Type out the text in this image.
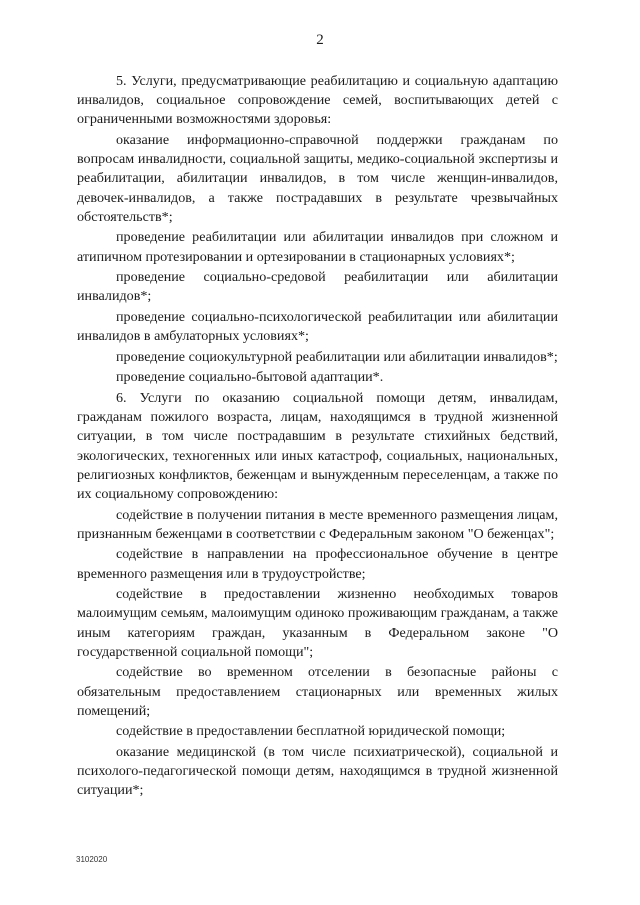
2

5. Услуги, предусматривающие реабилитацию и социальную адаптацию инвалидов, социальное сопровождение семей, воспитывающих детей с ограниченными возможностями здоровья:

оказание информационно-справочной поддержки гражданам по вопросам инвалидности, социальной защиты, медико-социальной экспертизы и реабилитации, абилитации инвалидов, в том числе женщин-инвалидов, девочек-инвалидов, а также пострадавших в результате чрезвычайных обстоятельств*;

проведение реабилитации или абилитации инвалидов при сложном и атипичном протезировании и ортезировании в стационарных условиях*;

проведение социально-средовой реабилитации или абилитации инвалидов*;

проведение социально-психологической реабилитации или абилитации инвалидов в амбулаторных условиях*;

проведение социокультурной реабилитации или абилитации инвалидов*;

проведение социально-бытовой адаптации*.

6. Услуги по оказанию социальной помощи детям, инвалидам, гражданам пожилого возраста, лицам, находящимся в трудной жизненной ситуации, в том числе пострадавшим в результате стихийных бедствий, экологических, техногенных или иных катастроф, социальных, национальных, религиозных конфликтов, беженцам и вынужденным переселенцам, а также по их социальному сопровождению:

содействие в получении питания в месте временного размещения лицам, признанным беженцами в соответствии с Федеральным законом "О беженцах";

содействие в направлении на профессиональное обучение в центре временного размещения или в трудоустройстве;

содействие в предоставлении жизненно необходимых товаров малоимущим семьям, малоимущим одиноко проживающим гражданам, а также иным категориям граждан, указанным в Федеральном законе "О государственной социальной помощи";

содействие во временном отселении в безопасные районы с обязательным предоставлением стационарных или временных жилых помещений;

содействие в предоставлении бесплатной юридической помощи;

оказание медицинской (в том числе психиатрической), социальной и психолого-педагогической помощи детям, находящимся в трудной жизненной ситуации*;

3102020
